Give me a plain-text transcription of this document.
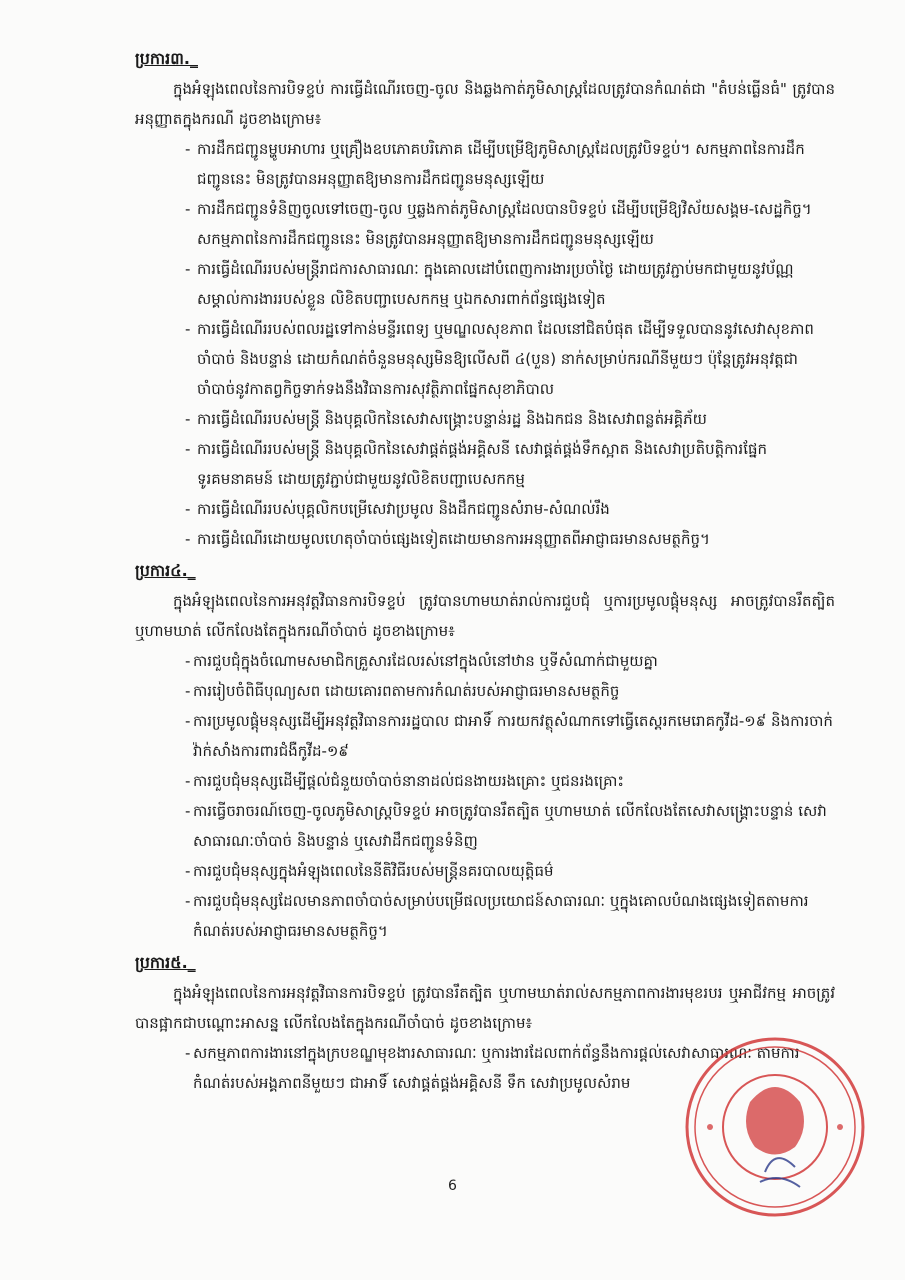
ប្រការ៣._

ក្នុងអំឡុងពេលនៃការបិទខ្ទប់ ការធ្វើដំណើរចេញ-ចូល និងឆ្លងកាត់ភូមិសាស្ត្រដែលត្រូវបានកំណត់ជា "តំបន់ធ្លើនធំ" ត្រូវបានអនុញ្ញាតក្នុងករណី ដូចខាងក្រោម៖

- ការដឹកជញ្ជូនម្ហូបអាហារ ឬគ្រឿងឧបភោគបរិភោគ ដើម្បីបម្រើឱ្យភូមិសាស្ត្រដែលត្រូវបិទខ្ទប់។ សកម្មភាពនៃការដឹកជញ្ជូននេះ មិនត្រូវបានអនុញ្ញាតឱ្យមានការដឹកជញ្ជូនមនុស្សឡើយ
- ការដឹកជញ្ជូនទំនិញចូលទៅចេញ-ចូល ឬឆ្លងកាត់ភូមិសាស្ត្រដែលបានបិទខ្ទប់ ដើម្បីបម្រើឱ្យវិស័យសង្គម-សេដ្ឋកិច្ច។ សកម្មភាពនៃការដឹកជញ្ជូននេះ មិនត្រូវបានអនុញ្ញាតឱ្យមានការដឹកជញ្ជូនមនុស្សឡើយ
- ការធ្វើដំណើររបស់មន្ត្រីរាជការសាធារណៈ ក្នុងគោលដៅបំពេញការងារប្រចាំថ្ងៃ ដោយត្រូវភ្ជាប់មកជាមួយនូវប័ណ្ណសម្គាល់ការងាររបស់ខ្លួន លិខិតបញ្ជាបេសកកម្ម ឬឯកសារពាក់ព័ន្ធផ្សេងទៀត
- ការធ្វើដំណើររបស់ពលរដ្ឋទៅកាន់មន្ទីរពេទ្យ ឬមណ្ឌលសុខភាព ដែលនៅជិតបំផុត ដើម្បីទទួលបាននូវសេវាសុខភាពចាំបាច់ និងបន្ទាន់ ដោយកំណត់ចំនួនមនុស្សមិនឱ្យលើសពី ៤(បួន) នាក់សម្រាប់ករណីនីមួយៗ ប៉ុន្តែត្រូវអនុវត្តជាចាំបាច់នូវកាតព្វកិច្ចទាក់ទងនឹងវិធានការសុវត្ថិភាពផ្នែកសុខាភិបាល
- ការធ្វើដំណើររបស់មន្ត្រី និងបុគ្គលិកនៃសេវាសង្គ្រោះបន្ទាន់រដ្ឋ និងឯកជន និងសេវាពន្លត់អគ្គិភ័យ
- ការធ្វើដំណើររបស់មន្ត្រី និងបុគ្គលិកនៃសេវាផ្គត់ផ្គង់អគ្គិសនី សេវាផ្គត់ផ្គង់ទឹកស្អាត និងសេវាប្រតិបត្តិការផ្នែកទូរគមនាគមន៍ ដោយត្រូវភ្ជាប់ជាមួយនូវលិខិតបញ្ជាបេសកកម្ម
- ការធ្វើដំណើររបស់បុគ្គលិកបម្រើសេវាប្រមូល និងដឹកជញ្ជូនសំរាម-សំណល់រឹង
- ការធ្វើដំណើរដោយមូលហេតុចាំបាច់ផ្សេងទៀតដោយមានការអនុញ្ញាតពីអាជ្ញាធរមានសមត្ថកិច្ច។
ប្រការ៤._

ក្នុងអំឡុងពេលនៃការអនុវត្តវិធានការបិទខ្ទប់ ត្រូវបានហាមឃាត់រាល់ការជួបជុំ ឬការប្រមូលផ្តុំមនុស្ស អាចត្រូវបានរឹតត្បិត ឬហាមឃាត់ លើកលែងតែក្នុងករណីចាំបាច់ ដូចខាងក្រោម៖

- ការជួបជុំក្នុងចំណោមសមាជិកគ្រួសារដែលរស់នៅក្នុងលំនៅឋាន ឬទីសំណាក់ជាមួយគ្នា
- ការរៀបចំពិធីបុណ្យសព ដោយគោរពតាមការកំណត់របស់អាជ្ញាធរមានសមត្ថកិច្ច
- ការប្រមូលផ្តុំមនុស្សដើម្បីអនុវត្តវិធានការរដ្ឋបាល ជាអាទិ៍ ការយកវត្ថុសំណាកទៅធ្វើតេស្តរកមេរោគកូវីដ-១៩ និងការចាក់វ៉ាក់សាំងការពារជំងឺកូវីដ-១៩
- ការជួបជុំមនុស្សដើម្បីផ្តល់ជំនួយចាំបាច់នានាដល់ជនងាយរងគ្រោះ ឬជនរងគ្រោះ
- ការធ្វើចរាចរណ៍ចេញ-ចូលភូមិសាស្ត្របិទខ្ទប់ អាចត្រូវបានរឹតត្បិត ឬហាមឃាត់ លើកលែងតែសេវាសង្គ្រោះបន្ទាន់ សេវាសាធារណៈចាំបាច់ និងបន្ទាន់ ឬសេវាដឹកជញ្ជូនទំនិញ
- ការជួបជុំមនុស្សក្នុងអំឡុងពេលនៃនីតិវិធីរបស់មន្ត្រីនគរបាលយុត្តិធម៌
- ការជួបជុំមនុស្សដែលមានភាពចាំបាច់សម្រាប់បម្រើផលប្រយោជន៍សាធារណៈ ឬក្នុងគោលបំណងផ្សេងទៀតតាមការកំណត់របស់អាជ្ញាធរមានសមត្ថកិច្ច។
ប្រការ៥._

ក្នុងអំឡុងពេលនៃការអនុវត្តវិធានការបិទខ្ទប់ ត្រូវបានរឹតត្បិត ឬហាមឃាត់រាល់សកម្មភាពការងារមុខរបរ ឬអាជីវកម្ម អាចត្រូវបានផ្អាកជាបណ្តោះអាសន្ន លើកលែងតែក្នុងករណីចាំបាច់ ដូចខាងក្រោម៖

- សកម្មភាពការងារនៅក្នុងក្របខណ្ឌមុខងារសាធារណៈ ឬការងារដែលពាក់ព័ន្ធនឹងការផ្តល់សេវាសាធារណៈ តាមការកំណត់របស់អង្គភាពនីមួយៗ ជាអាទិ៍ សេវាផ្គត់ផ្គង់អគ្គិសនី ទឹក សេវាប្រមូលសំរាម
6
